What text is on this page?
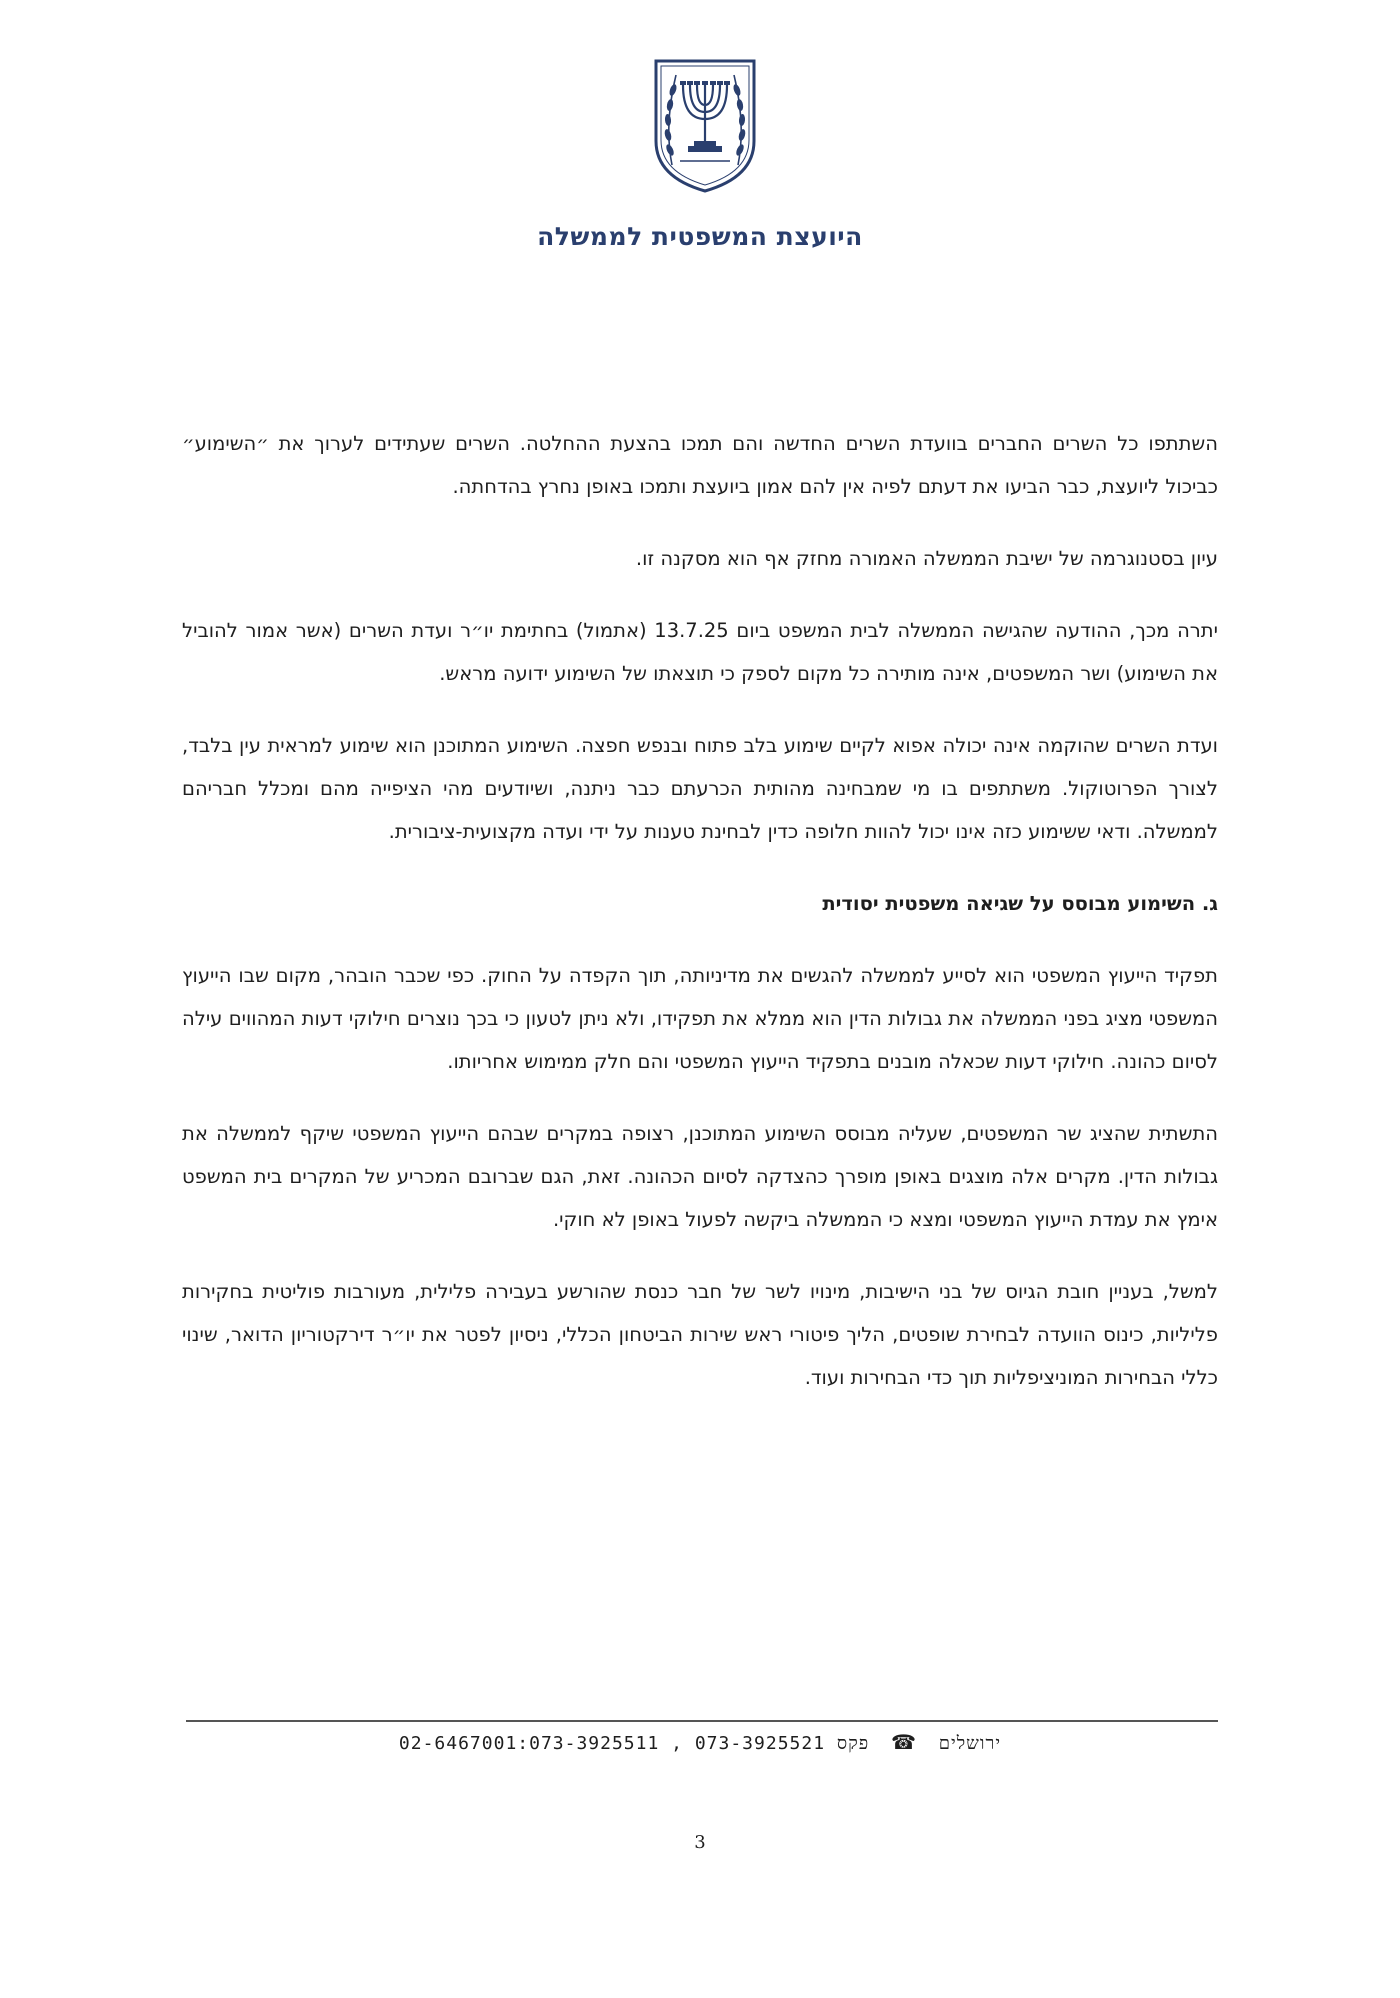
היועצת המשפטית לממשלה

השתתפו כל השרים החברים בוועדת השרים החדשה והם תמכו בהצעת ההחלטה. השרים שעתידים לערוך את ״השימוע״ כביכול ליועצת, כבר הביעו את דעתם לפיה אין להם אמון ביועצת ותמכו באופן נחרץ בהדחתה.

עיון בסטנוגרמה של ישיבת הממשלה האמורה מחזק אף הוא מסקנה זו.

יתרה מכך, ההודעה שהגישה הממשלה לבית המשפט ביום 13.7.25 (אתמול) בחתימת יו״ר ועדת השרים (אשר אמור להוביל את השימוע) ושר המשפטים, אינה מותירה כל מקום לספק כי תוצאתו של השימוע ידועה מראש.

ועדת השרים שהוקמה אינה יכולה אפוא לקיים שימוע בלב פתוח ובנפש חפצה. השימוע המתוכנן הוא שימוע למראית עין בלבד, לצורך הפרוטוקול. משתתפים בו מי שמבחינה מהותית הכרעתם כבר ניתנה, ושיודעים מהי הציפייה מהם ומכלל חבריהם לממשלה. ודאי ששימוע כזה אינו יכול להוות חלופה כדין לבחינת טענות על ידי ועדה מקצועית-ציבורית.

ג. השימוע מבוסס על שגיאה משפטית יסודית

תפקיד הייעוץ המשפטי הוא לסייע לממשלה להגשים את מדיניותה, תוך הקפדה על החוק. כפי שכבר הובהר, מקום שבו הייעוץ המשפטי מציג בפני הממשלה את גבולות הדין הוא ממלא את תפקידו, ולא ניתן לטעון כי בכך נוצרים חילוקי דעות המהווים עילה לסיום כהונה. חילוקי דעות שכאלה מובנים בתפקיד הייעוץ המשפטי והם חלק ממימוש אחריותו.

התשתית שהציג שר המשפטים, שעליה מבוסס השימוע המתוכנן, רצופה במקרים שבהם הייעוץ המשפטי שיקף לממשלה את גבולות הדין. מקרים אלה מוצגים באופן מופרך כהצדקה לסיום הכהונה. זאת, הגם שברובם המכריע של המקרים בית המשפט אימץ את עמדת הייעוץ המשפטי ומצא כי הממשלה ביקשה לפעול באופן לא חוקי.

למשל, בעניין חובת הגיוס של בני הישיבות, מינויו לשר של חבר כנסת שהורשע בעבירה פלילית, מעורבות פוליטית בחקירות פליליות, כינוס הוועדה לבחירת שופטים, הליך פיטורי ראש שירות הביטחון הכללי, ניסיון לפטר את יו״ר דירקטוריון הדואר, שינוי כללי הבחירות המוניציפליות תוך כדי הבחירות ועוד.

ירושלים ☎ 02-6467001:073-3925511 , 073-3925521 פקס
3
